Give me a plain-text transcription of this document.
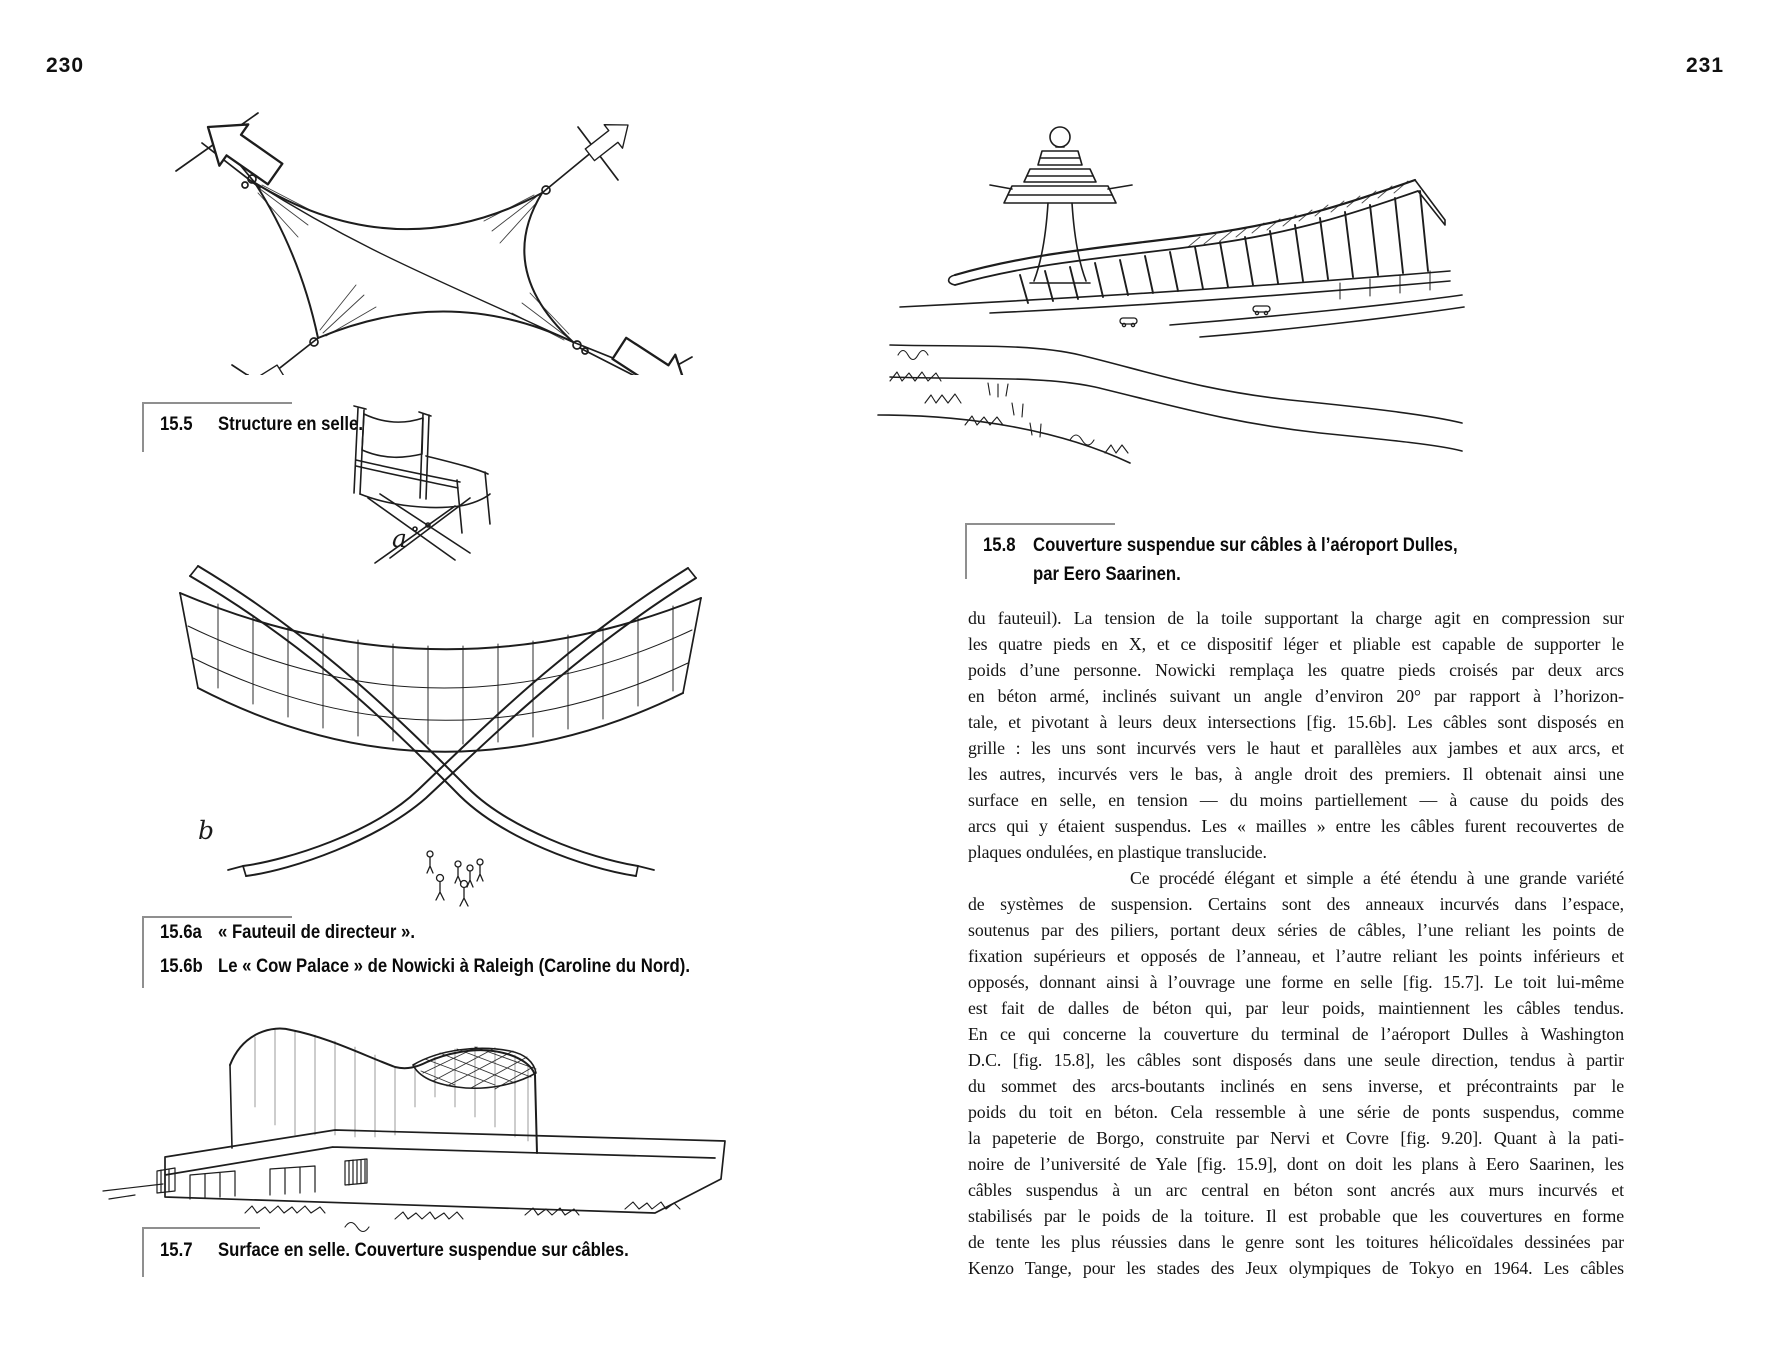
230	231
15.5	Structure en selle.
a
b
15.6a « Fauteuil de directeur ».
15.6b Le « Cow Palace » de Nowicki à Raleigh (Caroline du Nord).
15.7	Surface en selle. Couverture suspendue sur câbles.
15.8 Couverture suspendue sur câbles à l’aéroport Dulles,
par Eero Saarinen.
du fauteuil). La tension de la toile supportant la charge agit en compression sur
les quatre pieds en X, et ce dispositif léger et pliable est capable de supporter le
poids d’une personne. Nowicki remplaça les quatre pieds croisés par deux arcs
en béton armé, inclinés suivant un angle d’environ 20° par rapport à l’horizon-
tale, et pivotant à leurs deux intersections [fig. 15.6b]. Les câbles sont disposés en
grille : les uns sont incurvés vers le haut et parallèles aux jambes et aux arcs, et
les autres, incurvés vers le bas, à angle droit des premiers. Il obtenait ainsi une
surface en selle, en tension — du moins partiellement — à cause du poids des
arcs qui y étaient suspendus. Les « mailles » entre les câbles furent recouvertes de
plaques ondulées, en plastique translucide.
Ce procédé élégant et simple a été étendu à une grande variété
de systèmes de suspension. Certains sont des anneaux incurvés dans l’espace,
soutenus par des piliers, portant deux séries de câbles, l’une reliant les points de
fixation supérieurs et opposés de l’anneau, et l’autre reliant les points inférieurs et
opposés, donnant ainsi à l’ouvrage une forme en selle [fig. 15.7]. Le toit lui-même
est fait de dalles de béton qui, par leur poids, maintiennent les câbles tendus.
En ce qui concerne la couverture du terminal de l’aéroport Dulles à Washington
D.C. [fig. 15.8], les câbles sont disposés dans une seule direction, tendus à partir
du sommet des arcs-boutants inclinés en sens inverse, et précontraints par le
poids du toit en béton. Cela ressemble à une série de ponts suspendus, comme
la papeterie de Borgo, construite par Nervi et Covre [fig. 9.20]. Quant à la pati-
noire de l’université de Yale [fig. 15.9], dont on doit les plans à Eero Saarinen, les
câbles suspendus à un arc central en béton sont ancrés aux murs incurvés et
stabilisés par le poids de la toiture. Il est probable que les couvertures en forme
de tente les plus réussies dans le genre sont les toitures hélicoïdales dessinées par
Kenzo Tange, pour les stades des Jeux olympiques de Tokyo en 1964. Les câbles
